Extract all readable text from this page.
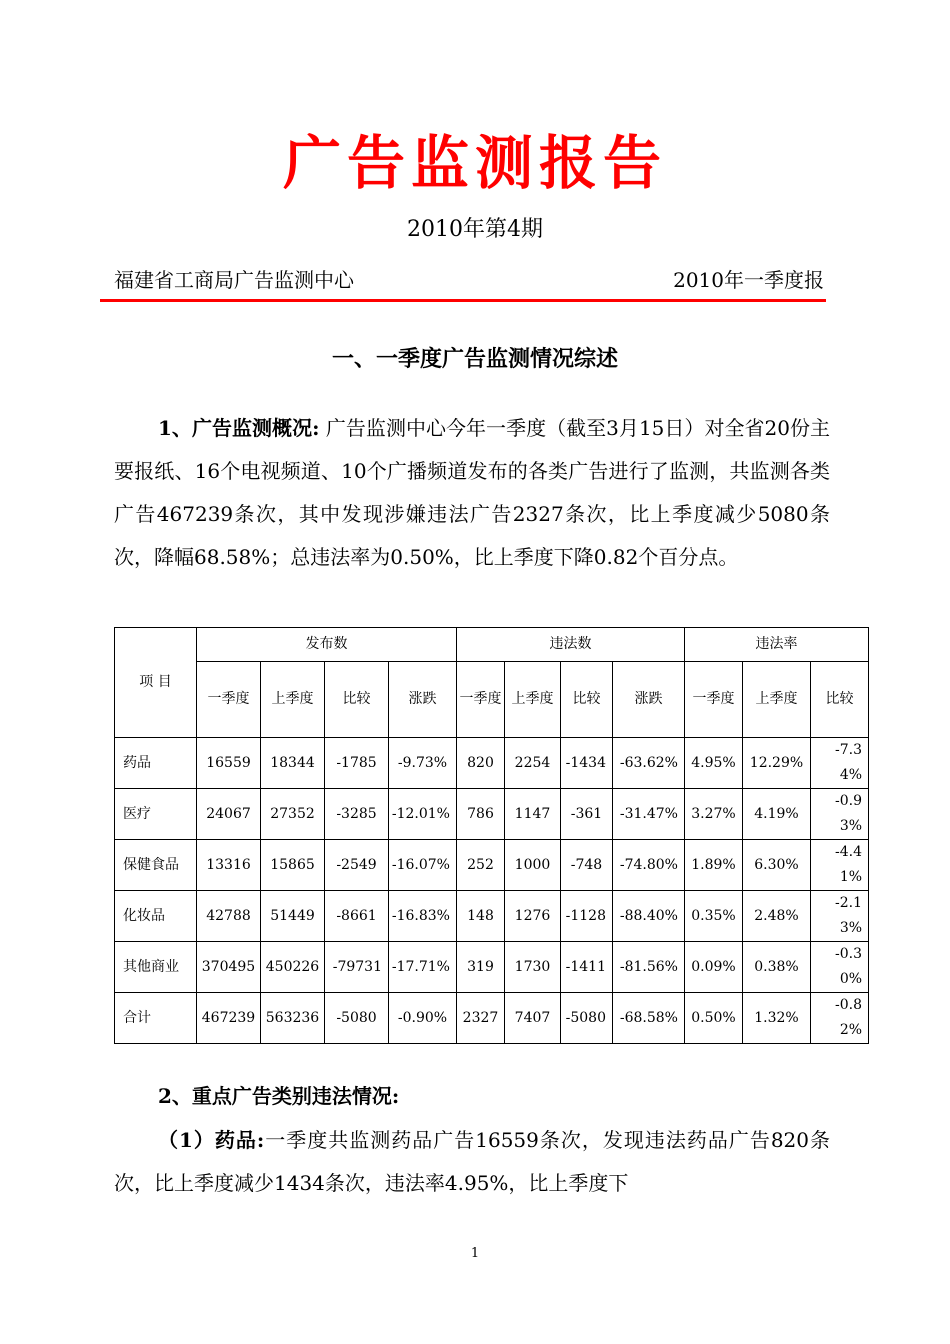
广告监测报告
2010年第4期
福建省工商局广告监测中心	2010年一季度报
一、一季度广告监测情况综述

1、广告监测概况: 广告监测中心今年一季度（截至3月15日）对全省20份主要报纸、16个电视频道、10个广播频道发布的各类广告进行了监测，共监测各类广告467239条次，其中发现涉嫌违法广告2327条次，比上季度减少5080条次，降幅68.58%；总违法率为0.50%，比上季度下降0.82个百分点。

项 目	发布数				违法数				违法率		
	一季度	上季度	比较	涨跌	一季度	上季度	比较	涨跌	一季度	上季度	比较
药品	16559	18344	-1785	-9.73%	820	2254	-1434	-63.62%	4.95%	12.29%	-7.34%
医疗	24067	27352	-3285	-12.01%	786	1147	-361	-31.47%	3.27%	4.19%	-0.93%
保健食品	13316	15865	-2549	-16.07%	252	1000	-748	-74.80%	1.89%	6.30%	-4.41%
化妆品	42788	51449	-8661	-16.83%	148	1276	-1128	-88.40%	0.35%	2.48%	-2.13%
其他商业	370495	450226	-79731	-17.71%	319	1730	-1411	-81.56%	0.09%	0.38%	-0.30%
合计	467239	563236	-5080	-0.90%	2327	7407	-5080	-68.58%	0.50%	1.32%	-0.82%
2、重点广告类别违法情况:

（1）药品:一季度共监测药品广告16559条次，发现违法药品广告820条次，比上季度减少1434条次，违法率4.95%，比上季度下

1
